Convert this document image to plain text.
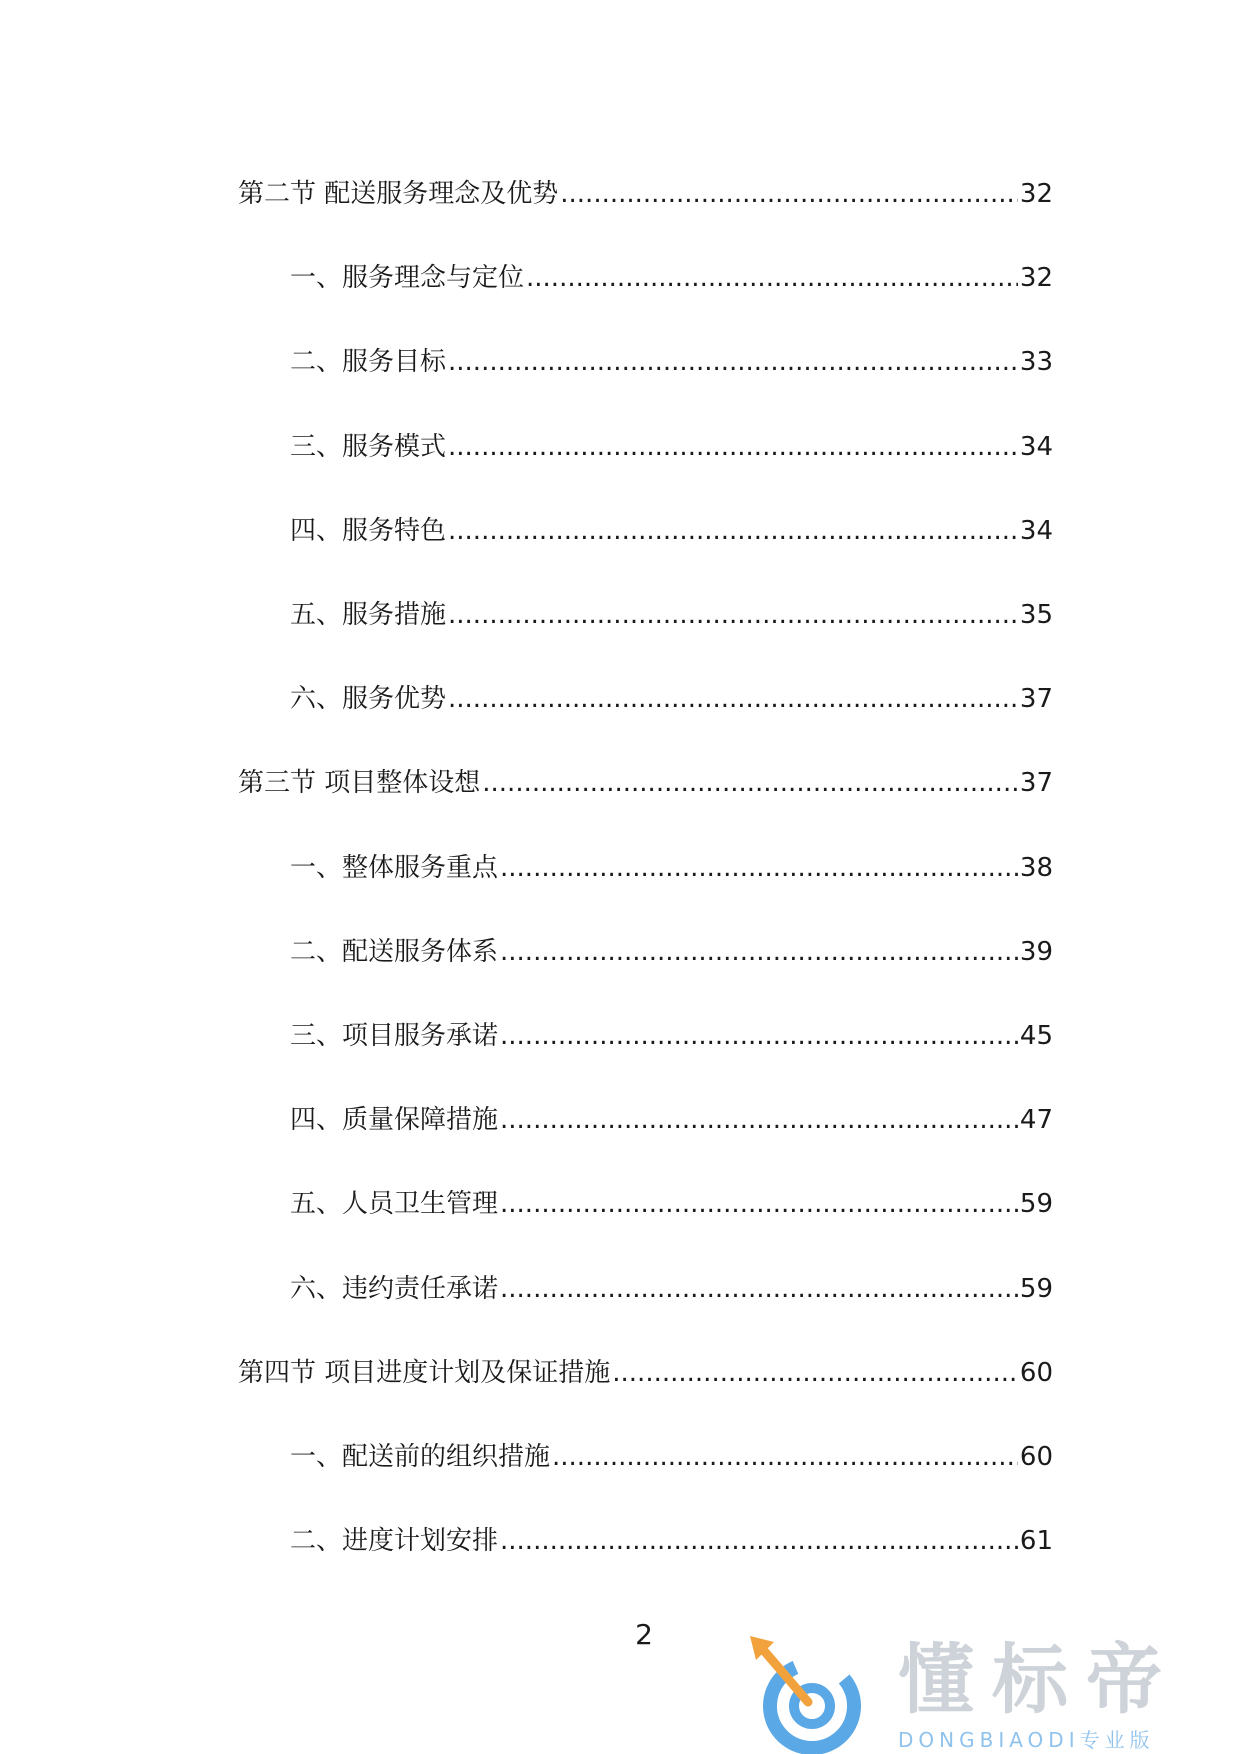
第二节 配送服务理念及优势 .....	32
一、服务理念与定位 .....	32
二、服务目标 .....	33
三、服务模式 .....	34
四、服务特色 .....	34
五、服务措施 .....	35
六、服务优势 .....	37
第三节 项目整体设想 .....	37
一、整体服务重点 .....	38
二、配送服务体系 .....	39
三、项目服务承诺 .....	45
四、质量保障措施 .....	47
五、人员卫生管理 .....	59
六、违约责任承诺 .....	59
第四节 项目进度计划及保证措施 .....	60
一、配送前的组织措施 .....	60
二、进度计划安排 .....	61
2
懂标帝
DONGBIAODI专业版
